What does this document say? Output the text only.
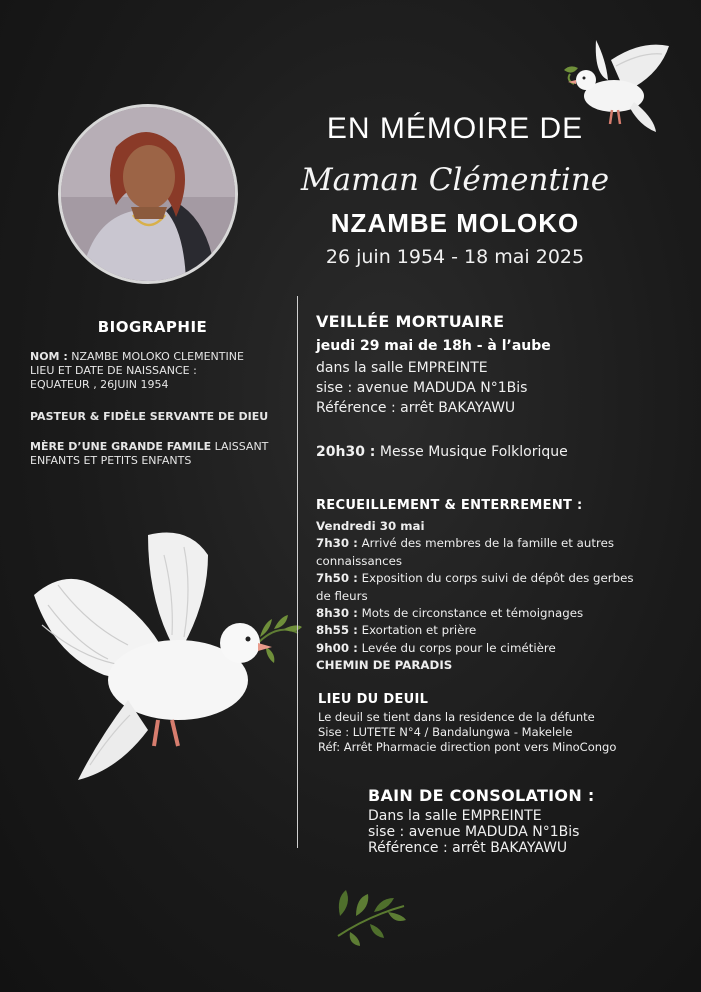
EN MÉMOIRE DE
Maman Clémentine
NZAMBE MOLOKO
26 juin 1954 - 18 mai 2025
BIOGRAPHIE
NOM : NZAMBE MOLOKO CLEMENTINE
LIEU ET DATE DE NAISSANCE :
EQUATEUR , 26JUIN 1954
PASTEUR & FIDÈLE SERVANTE DE DIEU
MÈRE D’UNE GRANDE FAMILE LAISSANT
ENFANTS ET PETITS ENFANTS
VEILLÉE MORTUAIRE
jeudi 29 mai de 18h - à l’aube
dans la salle EMPREINTE
sise : avenue MADUDA N°1Bis
Référence : arrêt BAKAYAWU
20h30 : Messe Musique Folklorique
RECUEILLEMENT & ENTERREMENT :
Vendredi 30 mai
7h30 : Arrivé des membres de la famille et autres
connaissances
7h50 : Exposition du corps suivi de dépôt des gerbes
de fleurs
8h30 : Mots de circonstance et témoignages
8h55 : Exortation et prière
9h00 : Levée du corps pour le cimétière
CHEMIN DE PARADIS
LIEU DU DEUIL
Le deuil se tient dans la residence de la défunte
Sise : LUTETE N°4 / Bandalungwa - Makelele
Réf: Arrêt Pharmacie direction pont vers MinoCongo
BAIN DE CONSOLATION :
Dans la salle EMPREINTE
sise : avenue MADUDA N°1Bis
Référence : arrêt BAKAYAWU
